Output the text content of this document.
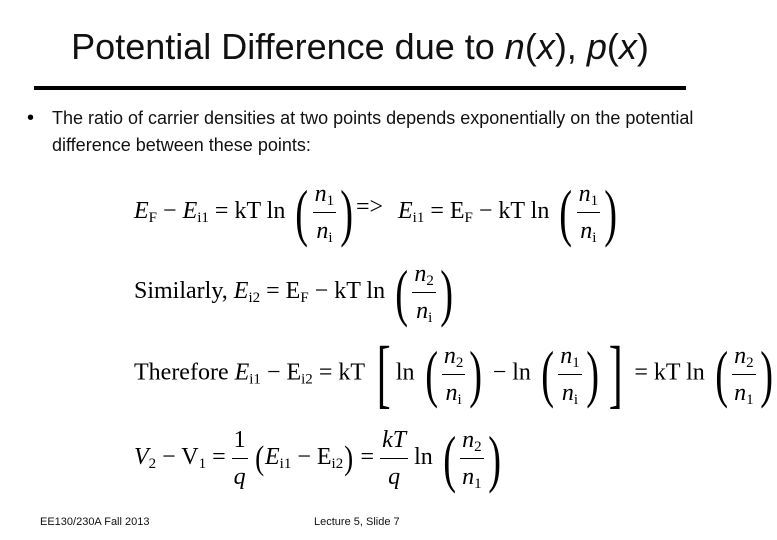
Potential Difference due to n(x), p(x)
• The ratio of carrier densities at two points depends exponentially on the potential difference between these points:
$E_F - E_{i1}$ = kT ln ( $\frac{n_1}{n_i}$ ) => $E_{i1} = E_F$ − kT ln ( $\frac{n_1}{n_i}$ )
Similarly, $E_{i2} = E_F$ − kT ln ( $\frac{n_2}{n_i}$ )
Therefore $E_{i1} - E_{i2}$ = kT [ ln ( $\frac{n_2}{n_i}$ ) − ln ( $\frac{n_1}{n_i}$ ) ] = kT ln ( $\frac{n_2}{n_1}$ )
$V_2 - V_1 = \frac{1}{q} (E_{i1} - E_{i2}) = \frac{kT}{q}$ ln ( $\frac{n_2}{n_1}$ )
EE130/230A Fall 2013	Lecture 5, Slide 7
